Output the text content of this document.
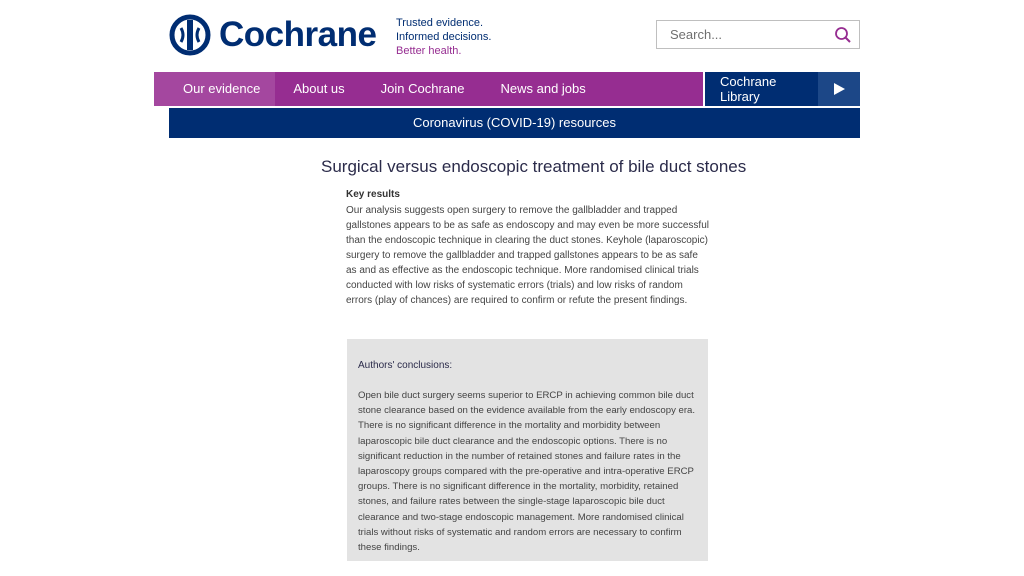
Cochrane Trusted evidence.
Informed decisions.
Better health.
Search...
Our evidence	About us	Join Cochrane	News and jobs	Cochrane Library
Coronavirus (COVID-19) resources
Surgical versus endoscopic treatment of bile duct stones
Key results

Our analysis suggests open surgery to remove the gallbladder and trapped gallstones appears to be as safe as endoscopy and may even be more successful than the endoscopic technique in clearing the duct stones. Keyhole (laparoscopic) surgery to remove the gallbladder and trapped gallstones appears to be as safe as and as effective as the endoscopic technique. More randomised clinical trials conducted with low risks of systematic errors (trials) and low risks of random errors (play of chances) are required to confirm or refute the present findings.

Authors' conclusions:

Open bile duct surgery seems superior to ERCP in achieving common bile duct stone clearance based on the evidence available from the early endoscopy era. There is no significant difference in the mortality and morbidity between laparoscopic bile duct clearance and the endoscopic options. There is no significant reduction in the number of retained stones and failure rates in the laparoscopy groups compared with the pre-operative and intra-operative ERCP groups. There is no significant difference in the mortality, morbidity, retained stones, and failure rates between the single-stage laparoscopic bile duct clearance and two-stage endoscopic management. More randomised clinical trials without risks of systematic and random errors are necessary to confirm these findings.
